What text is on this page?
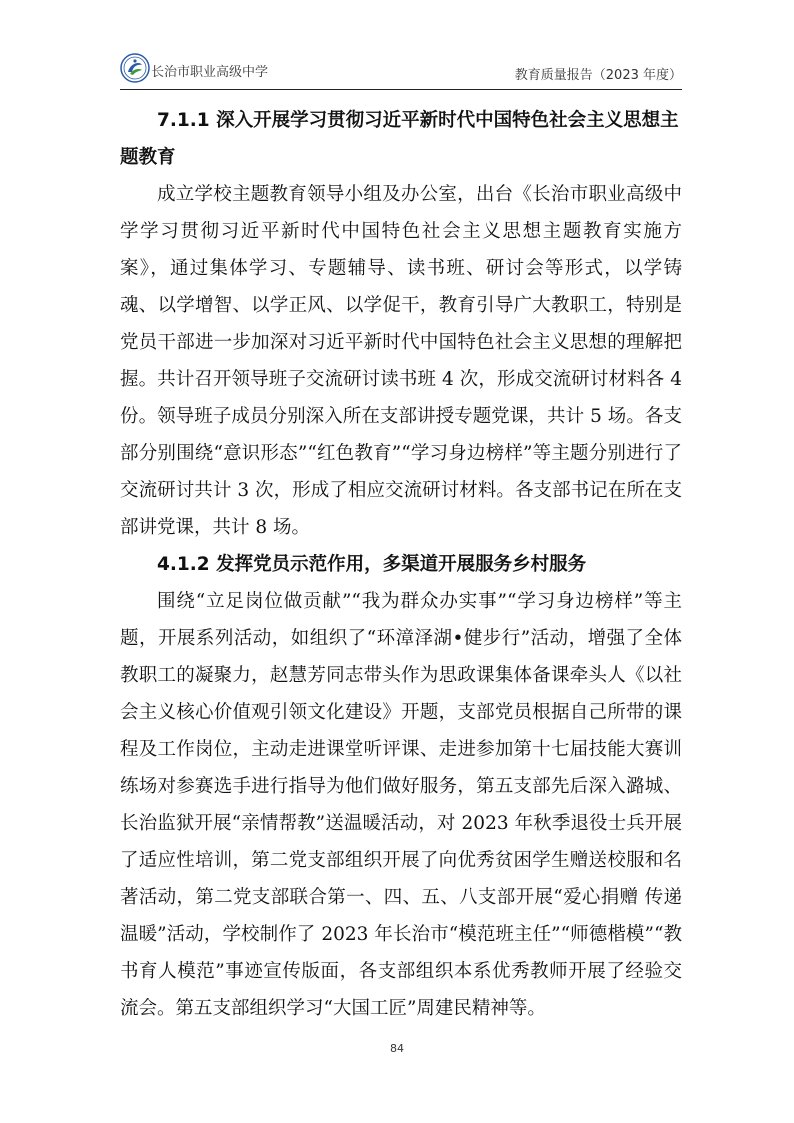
长治市职业高级中学	教育质量报告（2023 年度）

7.1.1 深入开展学习贯彻习近平新时代中国特色社会主义思想主题教育

成立学校主题教育领导小组及办公室，出台《长治市职业高级中学学习贯彻习近平新时代中国特色社会主义思想主题教育实施方案》，通过集体学习、专题辅导、读书班、研讨会等形式，以学铸魂、以学增智、以学正风、以学促干，教育引导广大教职工，特别是党员干部进一步加深对习近平新时代中国特色社会主义思想的理解把握。共计召开领导班子交流研讨读书班 4 次，形成交流研讨材料各 4 份。领导班子成员分别深入所在支部讲授专题党课，共计 5 场。各支部分别围绕“意识形态”“红色教育”“学习身边榜样”等主题分别进行了交流研讨共计 3 次，形成了相应交流研讨材料。各支部书记在所在支部讲党课，共计 8 场。

4.1.2 发挥党员示范作用，多渠道开展服务乡村服务

围绕“立足岗位做贡献”“我为群众办实事”“学习身边榜样”等主题，开展系列活动，如组织了“环漳泽湖•健步行”活动，增强了全体教职工的凝聚力，赵慧芳同志带头作为思政课集体备课牵头人《以社会主义核心价值观引领文化建设》开题，支部党员根据自己所带的课程及工作岗位，主动走进课堂听评课、走进参加第十七届技能大赛训练场对参赛选手进行指导为他们做好服务，第五支部先后深入潞城、长治监狱开展“亲情帮教”送温暖活动，对 2023 年秋季退役士兵开展了适应性培训，第二党支部组织开展了向优秀贫困学生赠送校服和名著活动，第二党支部联合第一、四、五、八支部开展“爱心捐赠 传递温暖”活动，学校制作了 2023 年长治市“模范班主任”“师德楷模”“教书育人模范”事迹宣传版面，各支部组织本系优秀教师开展了经验交流会。第五支部组织学习“大国工匠”周建民精神等。

84
